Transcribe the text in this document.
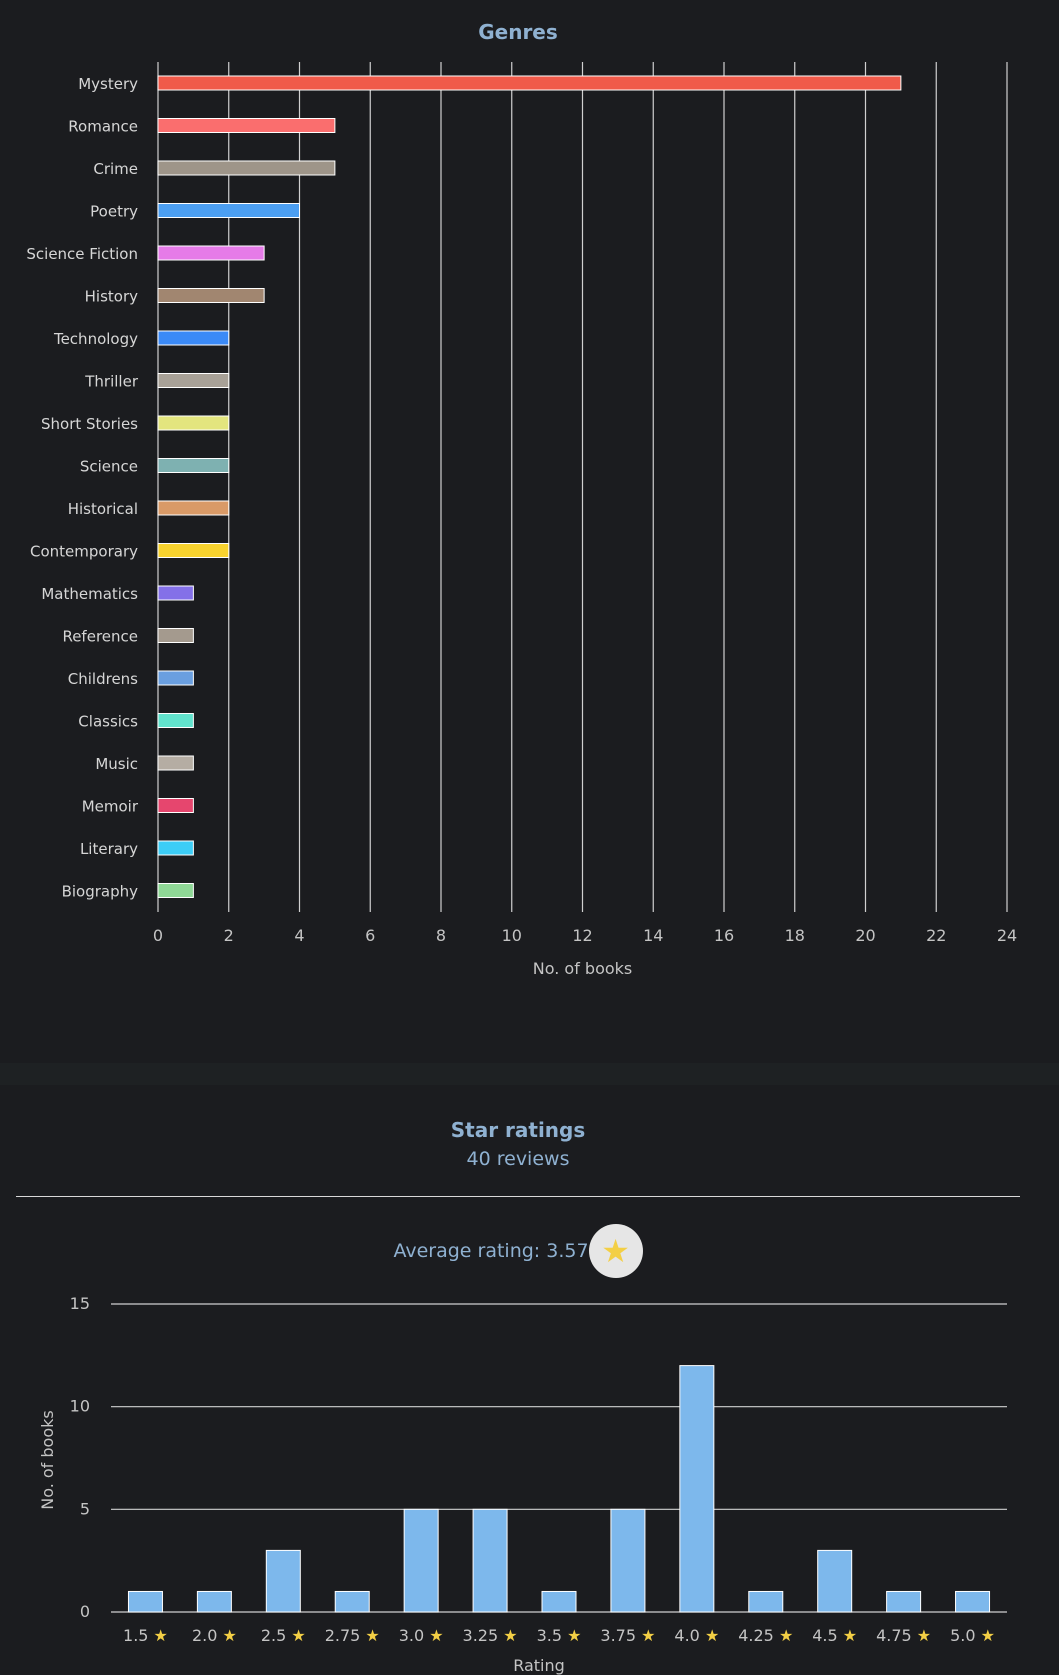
Genres
0	2	4	6	8	10	12	14	16	18	20	22	24
No. of books
Mystery
Romance
Crime
Poetry
Science Fiction
History
Technology
Thriller
Short Stories
Science
Historical
Contemporary
Mathematics
Reference
Childrens
Classics
Music
Memoir
Literary
Biography
Star ratings
40 reviews
Average rating: 3.57 ★
0
5
10
15
No. of books
1.5 ★ 2.0 ★ 2.5 ★ 2.75 ★ 3.0 ★ 3.25 ★ 3.5 ★ 3.75 ★ 4.0 ★ 4.25 ★ 4.5 ★ 4.75 ★ 5.0 ★
Rating
